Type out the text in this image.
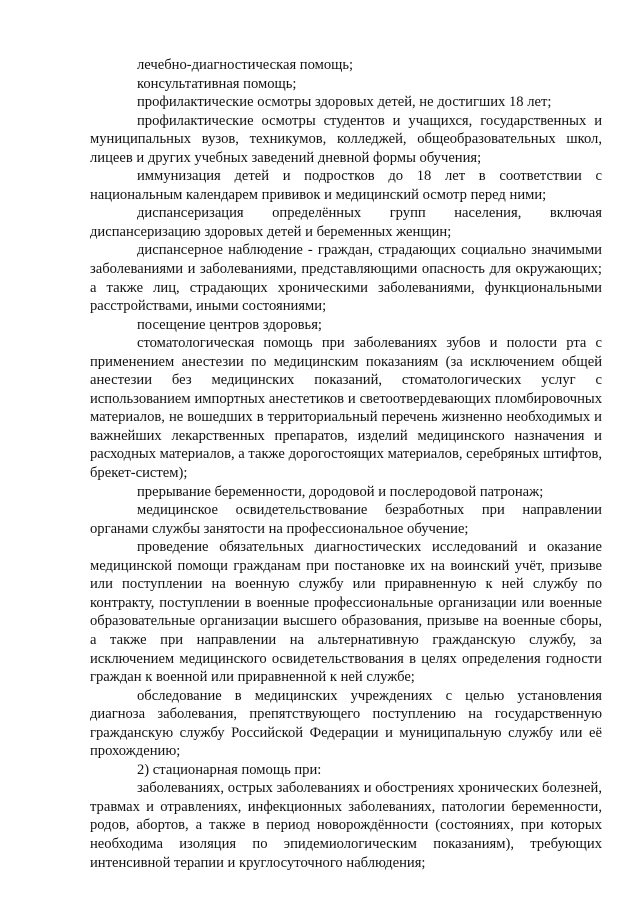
лечебно-диагностическая помощь;

консультативная помощь;

профилактические осмотры здоровых детей, не достигших 18 лет;

профилактические осмотры студентов и учащихся, государственных и муниципальных вузов, техникумов, колледжей, общеобразовательных школ, лицеев и других учебных заведений дневной формы обучения;

иммунизация детей и подростков до 18 лет в соответствии с национальным календарем прививок и медицинский осмотр перед ними;

диспансеризация определённых групп населения, включая диспансеризацию здоровых детей и беременных женщин;

диспансерное наблюдение - граждан, страдающих социально значимыми заболеваниями и заболеваниями, представляющими опасность для окружающих; а также лиц, страдающих хроническими заболеваниями, функциональными расстройствами, иными состояниями;

посещение центров здоровья;

стоматологическая помощь при заболеваниях зубов и полости рта с применением анестезии по медицинским показаниям (за исключением общей анестезии без медицинских показаний, стоматологических услуг с использованием импортных анестетиков и светоотвердевающих пломбировочных материалов, не вошедших в территориальный перечень жизненно необходимых и важнейших лекарственных препаратов, изделий медицинского назначения и расходных материалов, а также дорогостоящих материалов, серебряных штифтов, брекет-систем);

прерывание беременности, дородовой и послеродовой патронаж;

медицинское освидетельствование безработных при направлении органами службы занятости на профессиональное обучение;

проведение обязательных диагностических исследований и оказание медицинской помощи гражданам при постановке их на воинский учёт, призыве или поступлении на военную службу или приравненную к ней службу по контракту, поступлении в военные профессиональные организации или военные образовательные организации высшего образования, призыве на военные сборы, а также при направлении на альтернативную гражданскую службу, за исключением медицинского освидетельствования в целях определения годности граждан к военной или приравненной к ней службе;

обследование в медицинских учреждениях с целью установления диагноза заболевания, препятствующего поступлению на государственную гражданскую службу Российской Федерации и муниципальную службу или её прохождению;

2) стационарная помощь при:

заболеваниях, острых заболеваниях и обострениях хронических болезней, травмах и отравлениях, инфекционных заболеваниях, патологии беременности, родов, абортов, а также в период новорождённости (состояниях, при которых необходима изоляция по эпидемиологическим показаниям), требующих интенсивной терапии и круглосуточного наблюдения;
